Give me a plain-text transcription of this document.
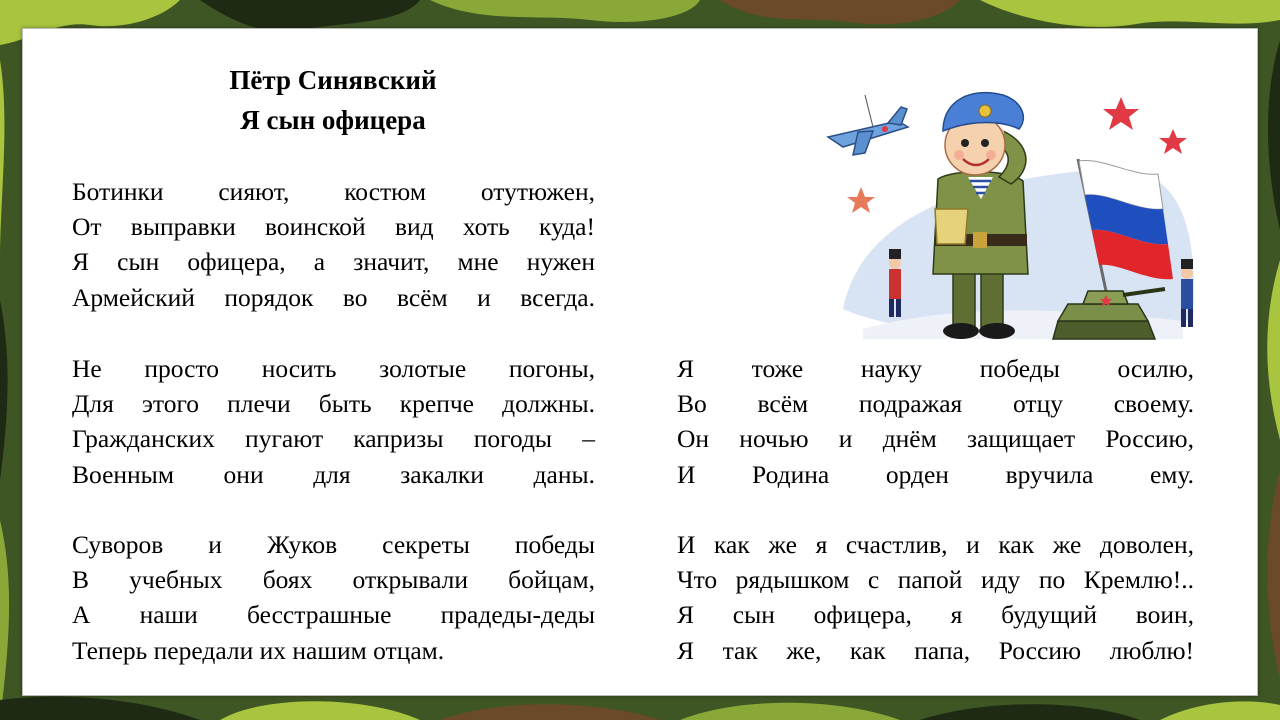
Пётр Синявский
Я сын офицера
Ботинки сияют, костюм отутюжен,
От выправки воинской вид хоть куда!
Я сын офицера, а значит, мне нужен
Армейский порядок во всём и всегда.
Не просто носить золотые погоны,
Для этого плечи быть крепче должны.
Гражданских пугают капризы погоды –
Военным они для закалки даны.
Суворов и Жуков секреты победы
В учебных боях открывали бойцам,
А наши бесстрашные прадеды-деды
Теперь передали их нашим отцам.
Я тоже науку победы осилю,
Во всём подражая отцу своему.
Он ночью и днём защищает Россию,
И Родина орден вручила ему.
И как же я счастлив, и как же доволен,
Что рядышком с папой иду по Кремлю!..
Я сын офицера, я будущий воин,
Я так же, как папа, Россию люблю!
